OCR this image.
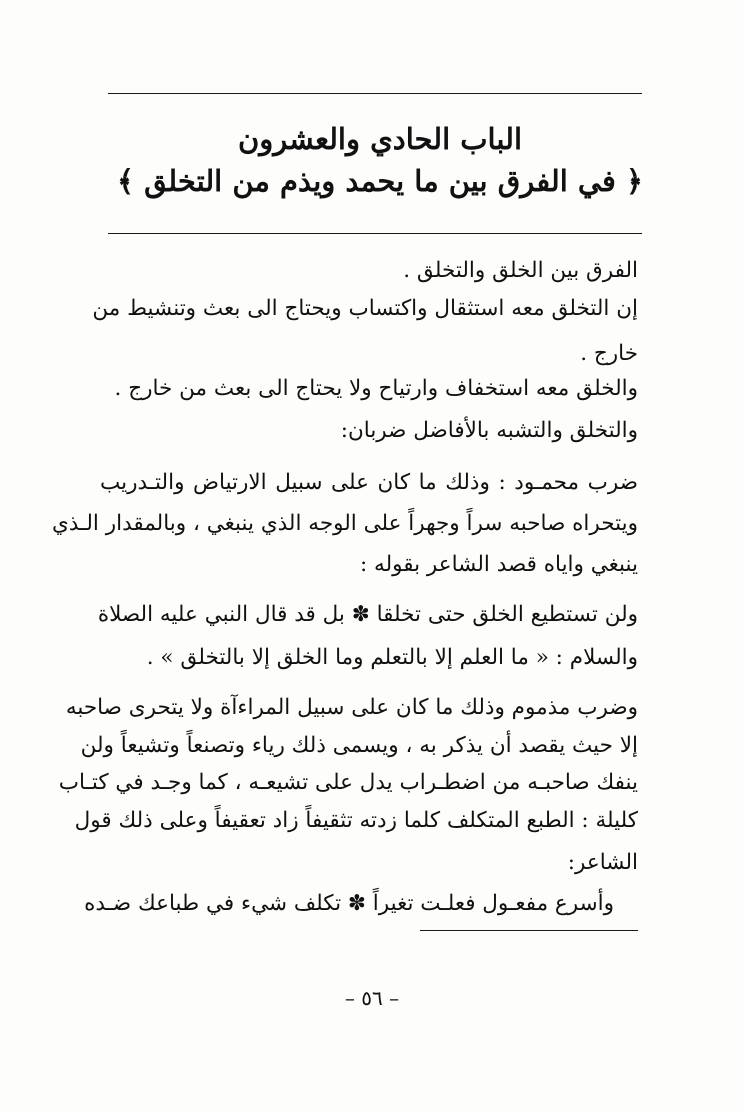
الباب الحادي والعشرون
﴿ في الفرق بين ما يحمد ويذم من التخلق ﴾
الفرق بين الخلق والتخلق .
إن التخلق معه استثقال واكتساب ويحتاج الى بعث وتنشيط من
خارج .
والخلق معه استخفاف وارتياح ولا يحتاج الى بعث من خارج .
والتخلق والتشبه بالأفاضل ضربان:
ضرب محمـود : وذلك ما كان على سبيل الارتياض والتـدريب
ويتحراه صاحبه سراً وجهراً على الوجه الذي ينبغي ، وبالمقدار الـذي
ينبغي واياه قصد الشاعر بقوله :
ولن تستطيع الخلق حتى تخلقا ✽ بل قد قال النبي عليه الصلاة
والسلام : « ما العلم إلا بالتعلم وما الخلق إلا بالتخلق » .
وضرب مذموم وذلك ما كان على سبيل المراءآة ولا يتحرى صاحبه
إلا حيث يقصد أن يذكر به ، ويسمى ذلك رياء وتصنعاً وتشيعاً ولن
ينفك صاحبـه من اضطـراب يدل على تشيعـه ، كما وجـد في كتـاب
كليلة : الطبع المتكلف كلما زدته تثقيفاً زاد تعقيفاً وعلى ذلك قول
الشاعر:
وأسرع مفعـول فعلـت تغيراً ✽ تكلف شيء في طباعك ضـده
– ٥٦ –
